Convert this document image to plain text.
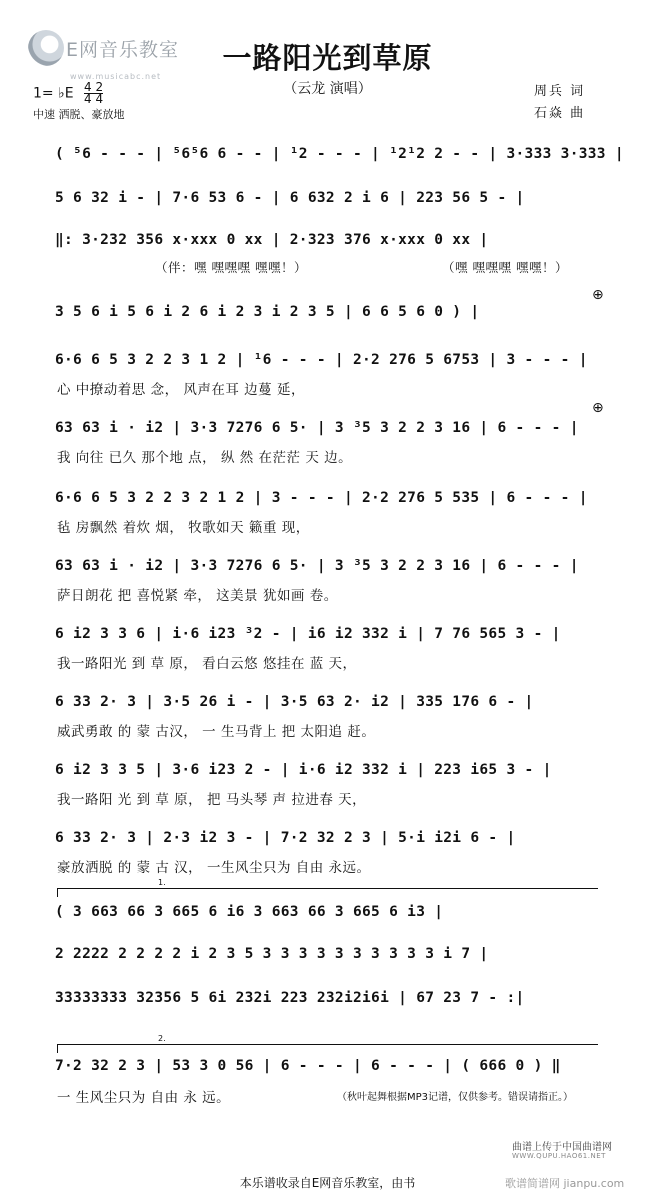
E网音乐教室
www.musicabc.net
一路阳光到草原
（云龙 演唱）
1= ♭E $\frac{4 2}{4 4}$
中速 洒脱、豪放地
周兵 词
石焱 曲
( ⁵6 - - - | ⁵6⁵6 6 - - | ¹2 - - - | ¹2¹2 2 - - | 3·333 3·333 |
5 6 32 i - | 7·6 53 6 - | 6 632 2 i 6 | 223 56 5 - |
‖: 3·232 356 x·xxx 0 xx | 2·323 376 x·xxx 0 xx |
（伴：嘿 嘿嘿嘿 嘿嘿！）	（嘿 嘿嘿嘿 嘿嘿！）
⊕
3 5 6 i 5 6 i 2 6 i 2 3 i 2 3 5 | 6 6 5 6 0 ) |
6·6 6 5 3 2 2 3 1 2 | ¹6 - - - | 2·2 276 5 6753 | 3 - - - |
心 中撩动着思 念， 风声在耳 边蔓 延，
⊕
63 63 i · i2 | 3·3 7276 6 5· | 3 ³5 3 2 2 3 16 | 6 - - - |
我 向往 已久 那个地 点， 纵 然 在茫茫 天 边。
6·6 6 5 3 2 2 3 2 1 2 | 3 - - - | 2·2 276 5 535 | 6 - - - |
毡 房飘然 着炊 烟， 牧歌如天 籁重 现，
63 63 i · i2 | 3·3 7276 6 5· | 3 ³5 3 2 2 3 16 | 6 - - - |
萨日朗花 把 喜悦紧 牵， 这美景 犹如画 卷。
6 i2 3 3 6 | i·6 i23 ³2 - | i6 i2 332 i | 7 76 565 3 - |
我一路阳光 到 草 原， 看白云悠 悠挂在 蓝 天，
6 33 2· 3 | 3·5 26 i - | 3·5 63 2· i2 | 335 176 6 - |
威武勇敢 的 蒙 古汉， 一 生马背上 把 太阳追 赶。
6 i2 3 3 5 | 3·6 i23 2 - | i·6 i2 332 i | 223 i65 3 - |
我一路阳 光 到 草 原， 把 马头琴 声 拉进春 天，
6 33 2· 3 | 2·3 i2 3 - | 7·2 32 2 3 | 5·i i2i 6 - |
豪放洒脱 的 蒙 古 汉， 一生风尘只为 自由 永远。
1.
( 3 663 66 3 665 6 i6 3 663 66 3 665 6 i3 |
2 2222 2 2 2 2 i 2 3 5 3 3 3 3 3 3 3 3 3 3 i 7 |
33333333 32356 5 6i 232i 223 232i2i6i | 67 23 7 - :|
2.
7·2 32 2 3 | 53 3 0 56 | 6 - - - | 6 - - - | ( 666 0 ) ‖
一 生风尘只为 自由 永 远。	（秋叶起舞根据MP3记谱，仅供参考。错误请指正。）
曲谱上传于中国曲谱网
WWW.QUPU.HAO61.NET
本乐谱收录自E网音乐教室，由书	歌谱简谱网 jianpu.com
